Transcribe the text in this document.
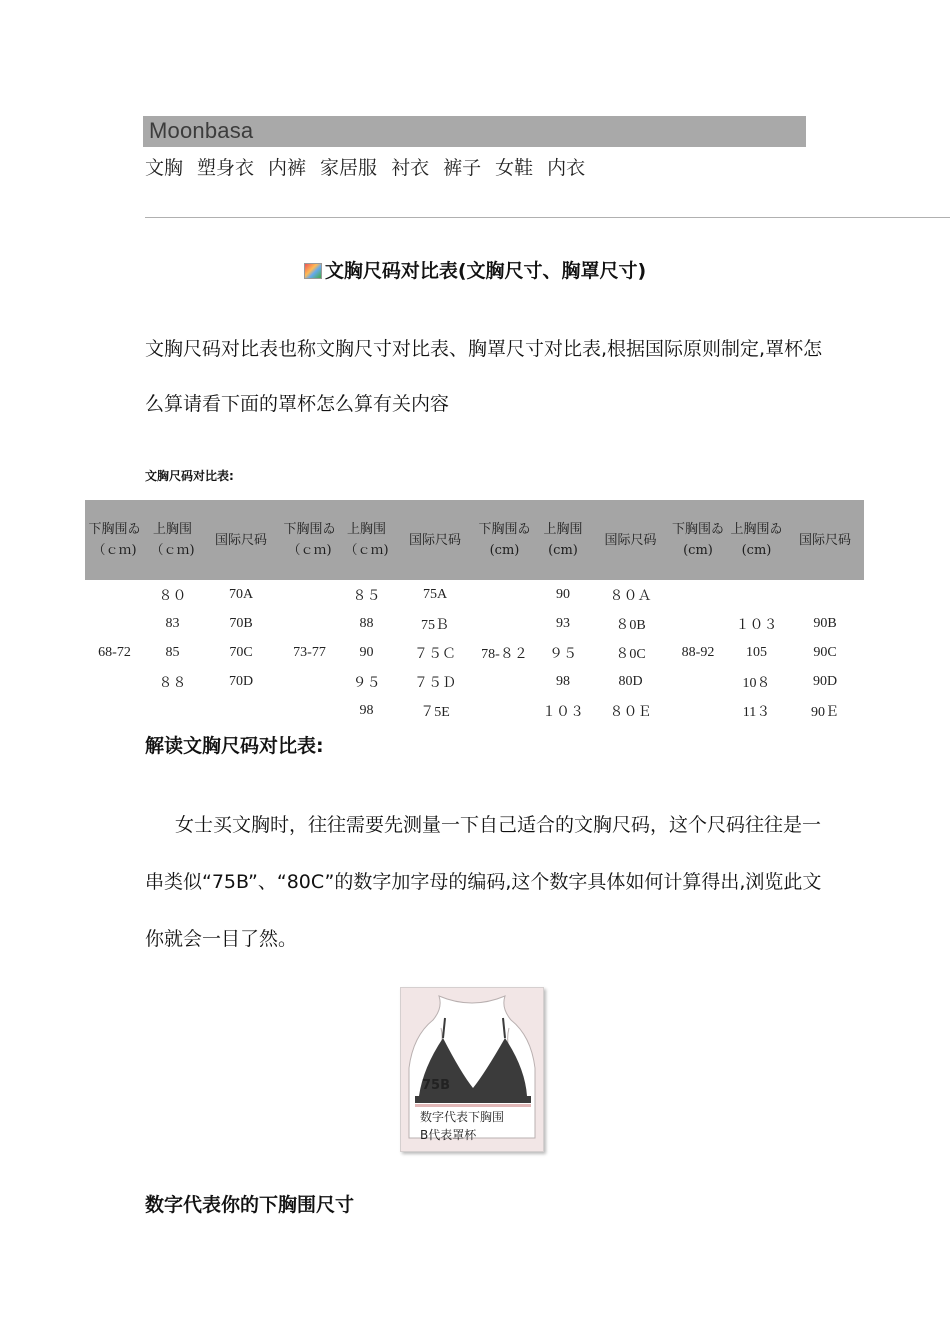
Moonbasa
文胸 塑身衣 内裤 家居服 衬衣 裤子 女鞋 内衣
文胸尺码对比表(文胸尺寸、胸罩尺寸)
文胸尺码对比表也称文胸尺寸对比表、胸罩尺寸对比表,根据国际原则制定,罩杯怎么算请看下面的罩杯怎么算有关内容
文胸尺码对比表:
下胸围ゐ（ｃｍ)	上胸围（ｃｍ)	国际尺码	下胸围ゐ（ｃｍ)	上胸围（ｃｍ)	国际尺码	下胸围ゐ(cm)	上胸围(cm)	国际尺码	下胸围ゐ(cm)	上胸围ゐ(cm)	国际尺码
68-72	８０	70A	73-77	８５	75A	78-８２	90	８０Ａ	88-92		
	83	70B		88	75Ｂ		93	８0B		１０３	90B
	85	70C		90	７５Ｃ		９５	８0C		105	90C
	８８	70D		９５	７５Ｄ		98	80D		10８	90D
				98	７5E		１０３	８０Ｅ		11３	90Ｅ
解读文胸尺码对比表:
女士买文胸时，往往需要先测量一下自己适合的文胸尺码，这个尺码往往是一串类似“75B”、“80C”的数字加字母的编码,这个数字具体如何计算得出,浏览此文你就会一目了然。
75B
数字代表下胸围
B代表罩杯
数字代表你的下胸围尺寸
